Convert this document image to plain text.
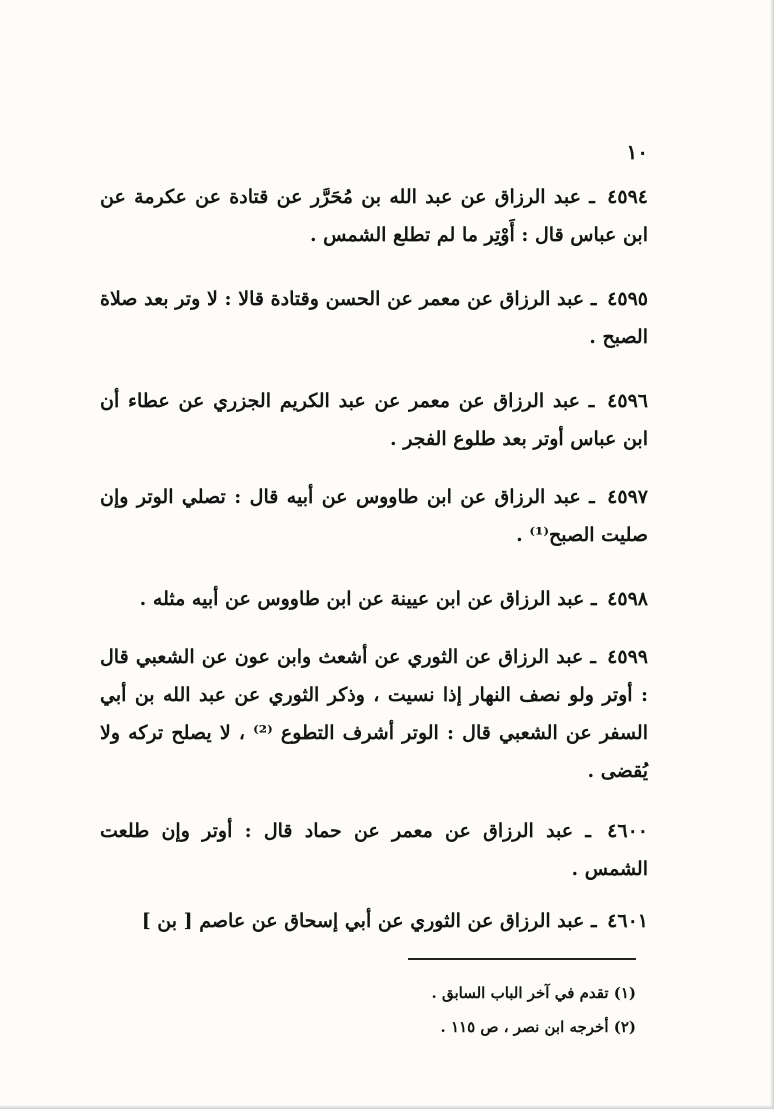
١٠

٤٥٩٤ ـ عبد الرزاق عن عبد الله بن مُحَرَّر عن قتادة عن عكرمة عن ابن عباس قال : أَوْتِر ما لم تطلع الشمس .

٤٥٩٥ ـ عبد الرزاق عن معمر عن الحسن وقتادة قالا : لا وتر بعد صلاة الصبح .

٤٥٩٦ ـ عبد الرزاق عن معمر عن عبد الكريم الجزري عن عطاء أن ابن عباس أوتر بعد طلوع الفجر .

٤٥٩٧ ـ عبد الرزاق عن ابن طاووس عن أبيه قال : تصلي الوتر وإن صليت الصبح⁽¹⁾ .

٤٥٩٨ ـ عبد الرزاق عن ابن عيينة عن ابن طاووس عن أبيه مثله .

٤٥٩٩ ـ عبد الرزاق عن الثوري عن أشعث وابن عون عن الشعبي قال : أوتر ولو نصف النهار إذا نسيت ، وذكر الثوري عن عبد الله بن أبي السفر عن الشعبي قال : الوتر أشرف التطوع ⁽²⁾ ، لا يصلح تركه ولا يُقضى .

٤٦٠٠ ـ عبد الرزاق عن معمر عن حماد قال : أوتر وإن طلعت الشمس .

٤٦٠١ ـ عبد الرزاق عن الثوري عن أبي إسحاق عن عاصم [ بن ]

(١) تقدم في آخر الباب السابق .
(٢) أخرجه ابن نصر ، ص ١١٥ .
